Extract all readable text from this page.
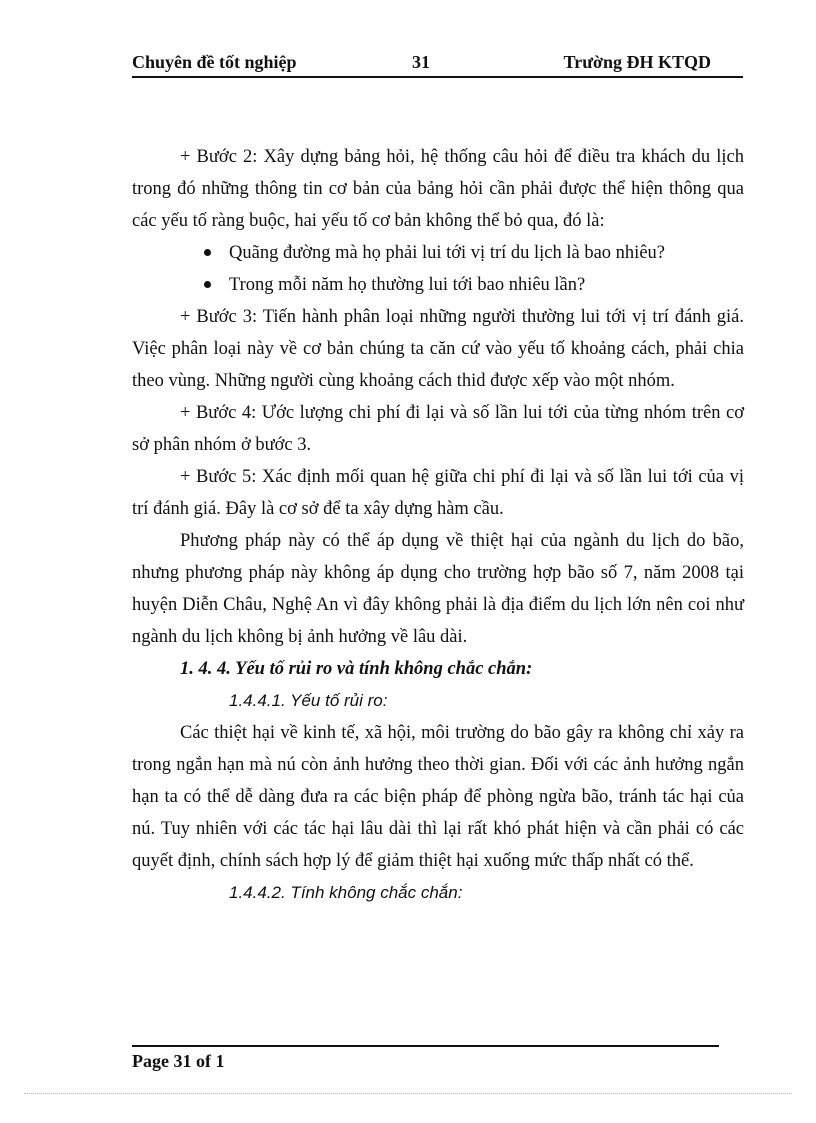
Chuyên đề tốt nghiệp	31	Trường ĐH KTQD

+ Bước 2: Xây dựng bảng hỏi, hệ thống câu hỏi để điều tra khách du lịch trong đó những thông tin cơ bản của bảng hỏi cần phải được thể hiện thông qua các yếu tố ràng buộc, hai yếu tố cơ bản không thể bỏ qua, đó là:

Quãng đường mà họ phải lui tới vị trí du lịch là bao nhiêu?
Trong mỗi năm họ thường lui tới bao nhiêu lần?

+ Bước 3: Tiến hành phân loại những người thường lui tới vị trí đánh giá. Việc phân loại này về cơ bản chúng ta căn cứ vào yếu tố khoảng cách, phải chia theo vùng. Những người cùng khoảng cách thid được xếp vào một nhóm.

+ Bước 4: Ước lượng chi phí đi lại và số lần lui tới của từng nhóm trên cơ sở phân nhóm ở bước 3.

+ Bước 5: Xác định mối quan hệ giữa chi phí đi lại và số lần lui tới của vị trí đánh giá. Đây là cơ sở để ta xây dựng hàm cầu.

Phương pháp này có thể áp dụng về thiệt hại của ngành du lịch do bão, nhưng phương pháp này không áp dụng cho trường hợp bão số 7, năm 2008 tại huyện Diễn Châu, Nghệ An vì đây không phải là địa điểm du lịch lớn nên coi như ngành du lịch không bị ảnh hưởng về lâu dài.

1. 4. 4. Yếu tố rủi ro và tính không chắc chắn:

1.4.4.1. Yếu tố rủi ro:

Các thiệt hại về kinh tế, xã hội, môi trường do bão gây ra không chỉ xảy ra trong ngắn hạn mà nú còn ảnh hưởng theo thời gian. Đối với các ảnh hưởng ngắn hạn ta có thể dễ dàng đưa ra các biện pháp để phòng ngừa bão, tránh tác hại của nú. Tuy nhiên với các tác hại lâu dài thì lại rất khó phát hiện và cần phải có các quyết định, chính sách hợp lý để giảm thiệt hại xuống mức thấp nhất có thể.

1.4.4.2. Tính không chắc chắn:

Page 31 of 1
